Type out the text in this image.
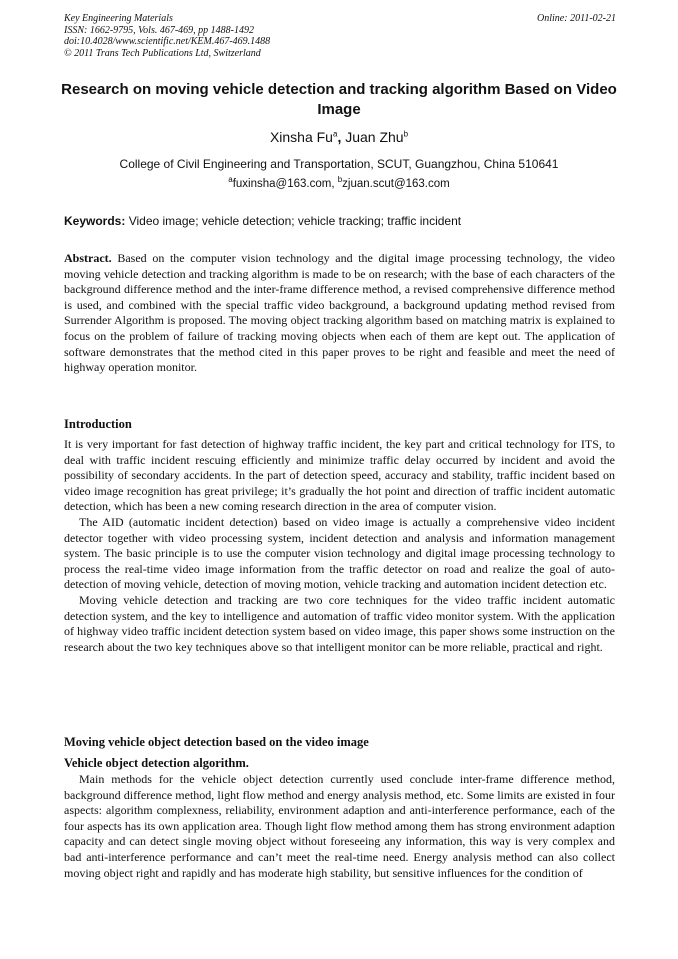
Key Engineering Materials
ISSN: 1662-9795, Vols. 467-469, pp 1488-1492
doi:10.4028/www.scientific.net/KEM.467-469.1488
© 2011 Trans Tech Publications Ltd, Switzerland
Online: 2011-02-21
Research on moving vehicle detection and tracking algorithm Based on Video Image
Xinsha Fu$^a$, Juan Zhu$^b$
College of Civil Engineering and Transportation, SCUT, Guangzhou, China 510641
$^a$fuxinsha@163.com, $^b$zjuan.scut@163.com
Keywords: Video image; vehicle detection; vehicle tracking; traffic incident

Abstract. Based on the computer vision technology and the digital image processing technology, the video moving vehicle detection and tracking algorithm is made to be on research; with the base of each characters of the background difference method and the inter-frame difference method, a revised comprehensive difference method is used, and combined with the special traffic video background, a background updating method revised from Surrender Algorithm is proposed. The moving object tracking algorithm based on matching matrix is explained to focus on the problem of failure of tracking moving objects when each of them are kept out. The application of software demonstrates that the method cited in this paper proves to be right and feasible and meet the need of highway operation monitor.

Introduction

It is very important for fast detection of highway traffic incident, the key part and critical technology for ITS, to deal with traffic incident rescuing efficiently and minimize traffic delay occurred by incident and avoid the possibility of secondary accidents. In the part of detection speed, accuracy and stability, traffic incident based on video image recognition has great privilege; it’s gradually the hot point and direction of traffic incident automatic detection, which has been a new coming research direction in the area of computer vision.

The AID (automatic incident detection) based on video image is actually a comprehensive video incident detector together with video processing system, incident detection and analysis and information management system. The basic principle is to use the computer vision technology and digital image processing technology to process the real-time video image information from the traffic detector on road and realize the goal of auto-detection of moving vehicle, detection of moving motion, vehicle tracking and automation incident detection etc.

Moving vehicle detection and tracking are two core techniques for the video traffic incident automatic detection system, and the key to intelligence and automation of traffic video monitor system. With the application of highway video traffic incident detection system based on video image, this paper shows some instruction on the research about the two key techniques above so that intelligent monitor can be more reliable, practical and right.

Moving vehicle object detection based on the video image
Vehicle object detection algorithm.

Main methods for the vehicle object detection currently used conclude inter-frame difference method, background difference method, light flow method and energy analysis method, etc. Some limits are existed in four aspects: algorithm complexness, reliability, environment adaption and anti-interference performance, each of the four aspects has its own application area. Though light flow method among them has strong environment adaption capacity and can detect single moving object without foreseeing any information, this way is very complex and bad anti-interference performance and can’t meet the real-time need. Energy analysis method can also collect moving object right and rapidly and has moderate high stability, but sensitive influences for the condition of
